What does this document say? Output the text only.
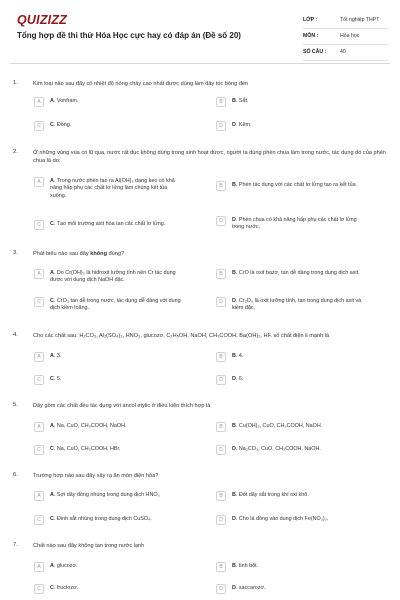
QUIZIZZ
Tổng hợp đề thi thử Hóa Học cực hay có đáp án (Đề số 20)
LỚP :	Tốt nghiệp THPT
MÔN :	Hóa học
SỐ CÂU :	40
1.	Kim loại nào sau đây có nhiệt độ nóng chảy cao nhất được dùng làm dây tóc bóng đèn
A	A. Vonfram.	B	B. Sắt.
C	C. Đồng.	D	D. Kẽm.
2.	Ở những vùng vùa có lũ qua, nước rất đục không dùng trong sinh hoạt được, người ta dùng phèn chua làm trong nước, tác dụng đó của phèn chua là do:
A	A. Trong nước phèn tạo ra Al(OH)₃ dạng keo có khả năng hấp phụ các chất lơ lửng làm chúng kết tủa xuống.
B	B. Phèn tác dụng với các chất lơ lửng tạo ra kết tủa.
C	C. Tạo môi trường axit hòa tan các chất lơ lửng.	D	D. Phèn chua có khả năng hấp phụ các chất lơ lửng trong nước.
3.	Phát biểu nào sau đây không đúng?
A	A. Do Cr(OH)₃ là hiđroxit lưỡng tính nên Cr tác dụng được với dung dịch NaOH đặc.
B	B. CrO là oxit bazơ, tan dễ dàng trong dung dịch axit.
C	C. CrO₃ tan dễ trong nước, tác dụng dễ dàng với dung dịch kiềm loãng.
D	D. Cr₂O₃ là oxit lưỡng tính, tan trong dung dịch axit và kiềm đặc.
4.	Cho các chất sau: H₂CO₃, Al₂(SO₄)₃, HNO₃, glucozơ, C₂H₅OH, NaOH, CH₃COOH, Ba(OH)₂, HF. số chất điện li mạnh là
A	A. 3.	B	B. 4.
C	C. 5.	D	D. 6.
5.	Dãy gồm các chất đều tác dụng với ancol etylic ở điều kiện thích hợp là
A	A. Na, CuO, CH₃COOH, NaOH.	B	B. Cu(OH)₂, CuO, CH₃COOH, NaOH.
C	C. Na, CuO, CH₃COOH, HBr.	D	D. Na₂CO₃, CuO, CH₃COOH, NaOH.
6.	Trường hợp nào sau đây xảy ra ăn mòn điện hóa?
A	A. Sợi dây đồng nhúng trong dung dịch HNO₃	B	B. Đốt dây sắt trong khí oxi khô.
C	C. Đinh sắt nhúng trong dung dịch CuSO₄.	D	D. Cho lá đồng vào dung dịch Fe(NO₃)₃.
7.	Chất nào sau đây không tan trong nước lạnh
A	A. glucozơ.	B	B. tinh bột.
C	C. fructozơ.	D	D. saccarozơ.
